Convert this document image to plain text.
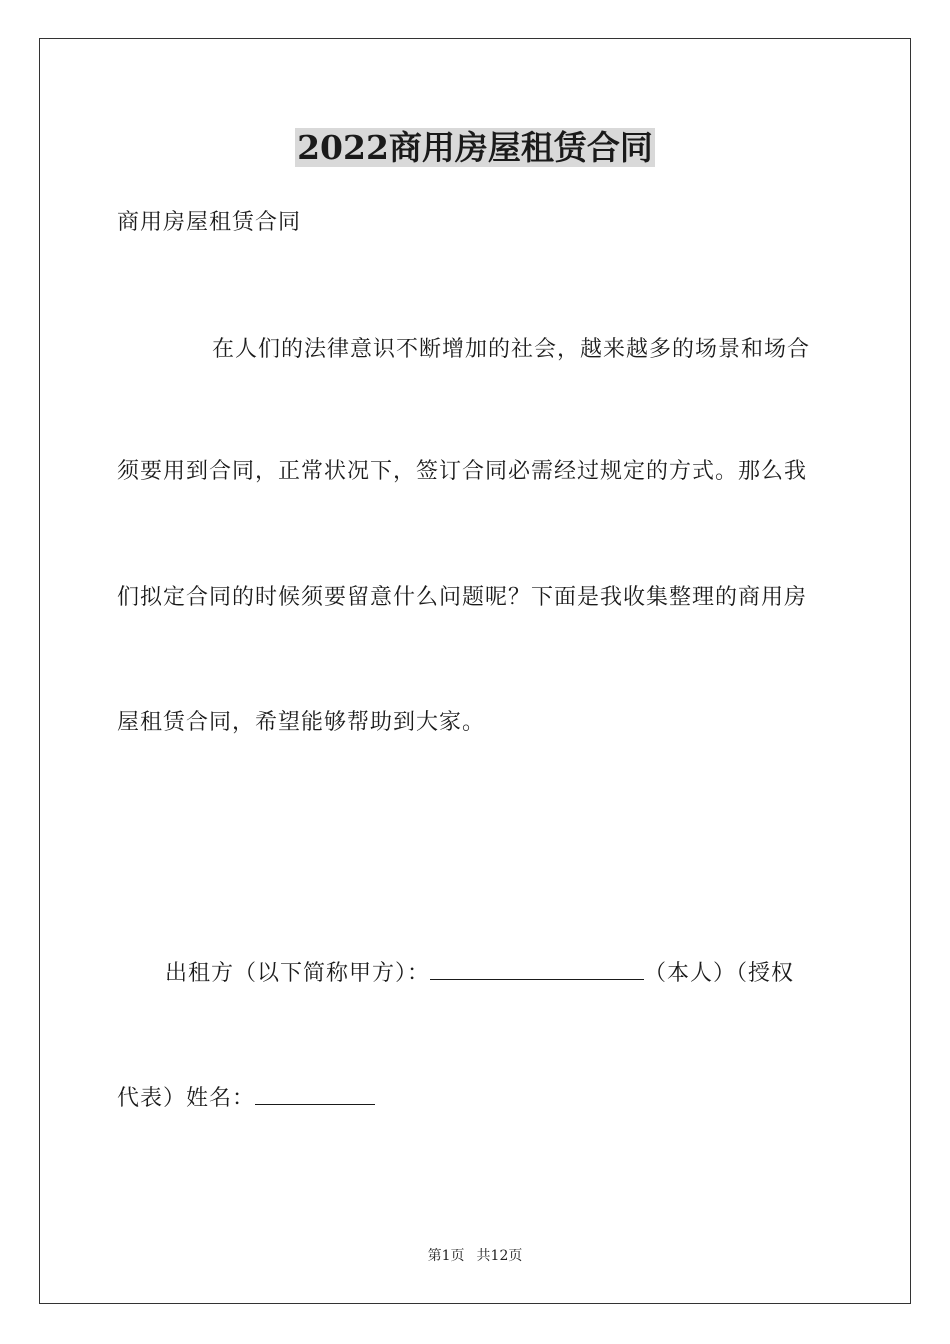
2022商用房屋租赁合同
商用房屋租赁合同
在人们的法律意识不断增加的社会，越来越多的场景和场合
须要用到合同，正常状况下，签订合同必需经过规定的方式。那么我
们拟定合同的时候须要留意什么问题呢？下面是我收集整理的商用房
屋租赁合同，希望能够帮助到大家。
出租方（以下简称甲方）：	（本人）（授权
代表）姓名：
第1页 共12页
